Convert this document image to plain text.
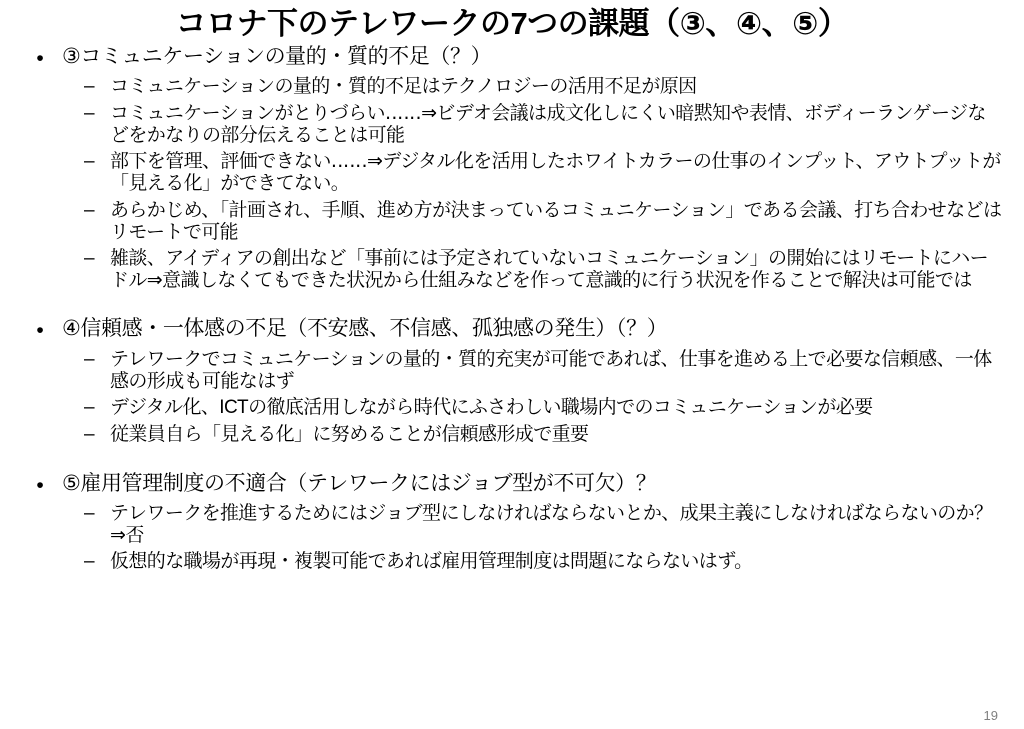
コロナ下のテレワークの7つの課題（③、④、⑤）
• ③コミュニケーションの量的・質的不足（？）
– コミュニケーションの量的・質的不足はテクノロジーの活用不足が原因
– コミュニケーションがとりづらい‥‥‥⇒ビデオ会議は成文化しにくい暗黙知や表情、ボディーランゲージなどをかなりの部分伝えることは可能
– 部下を管理、評価できない‥‥‥⇒デジタル化を活用したホワイトカラーの仕事のインプット、アウトプットが「見える化」ができてない。
– あらかじめ、「計画され、手順、進め方が決まっているコミュニケーション」である会議、打ち合わせなどはリモートで可能
– 雑談、アイディアの創出など「事前には予定されていないコミュニケーション」の開始にはリモートにハードル⇒意識しなくてもできた状況から仕組みなどを作って意識的に行う状況を作ることで解決は可能では
• ④信頼感・一体感の不足（不安感、不信感、孤独感の発生）（？）
– テレワークでコミュニケーションの量的・質的充実が可能であれば、仕事を進める上で必要な信頼感、一体感の形成も可能なはず
– デジタル化、ICTの徹底活用しながら時代にふさわしい職場内でのコミュニケーションが必要
– 従業員自ら「見える化」に努めることが信頼感形成で重要
• ⑤雇用管理制度の不適合（テレワークにはジョブ型が不可欠）？
– テレワークを推進するためにはジョブ型にしなければならないとか、成果主義にしなければならないのか？⇒否
– 仮想的な職場が再現・複製可能であれば雇用管理制度は問題にならないはず。
19
